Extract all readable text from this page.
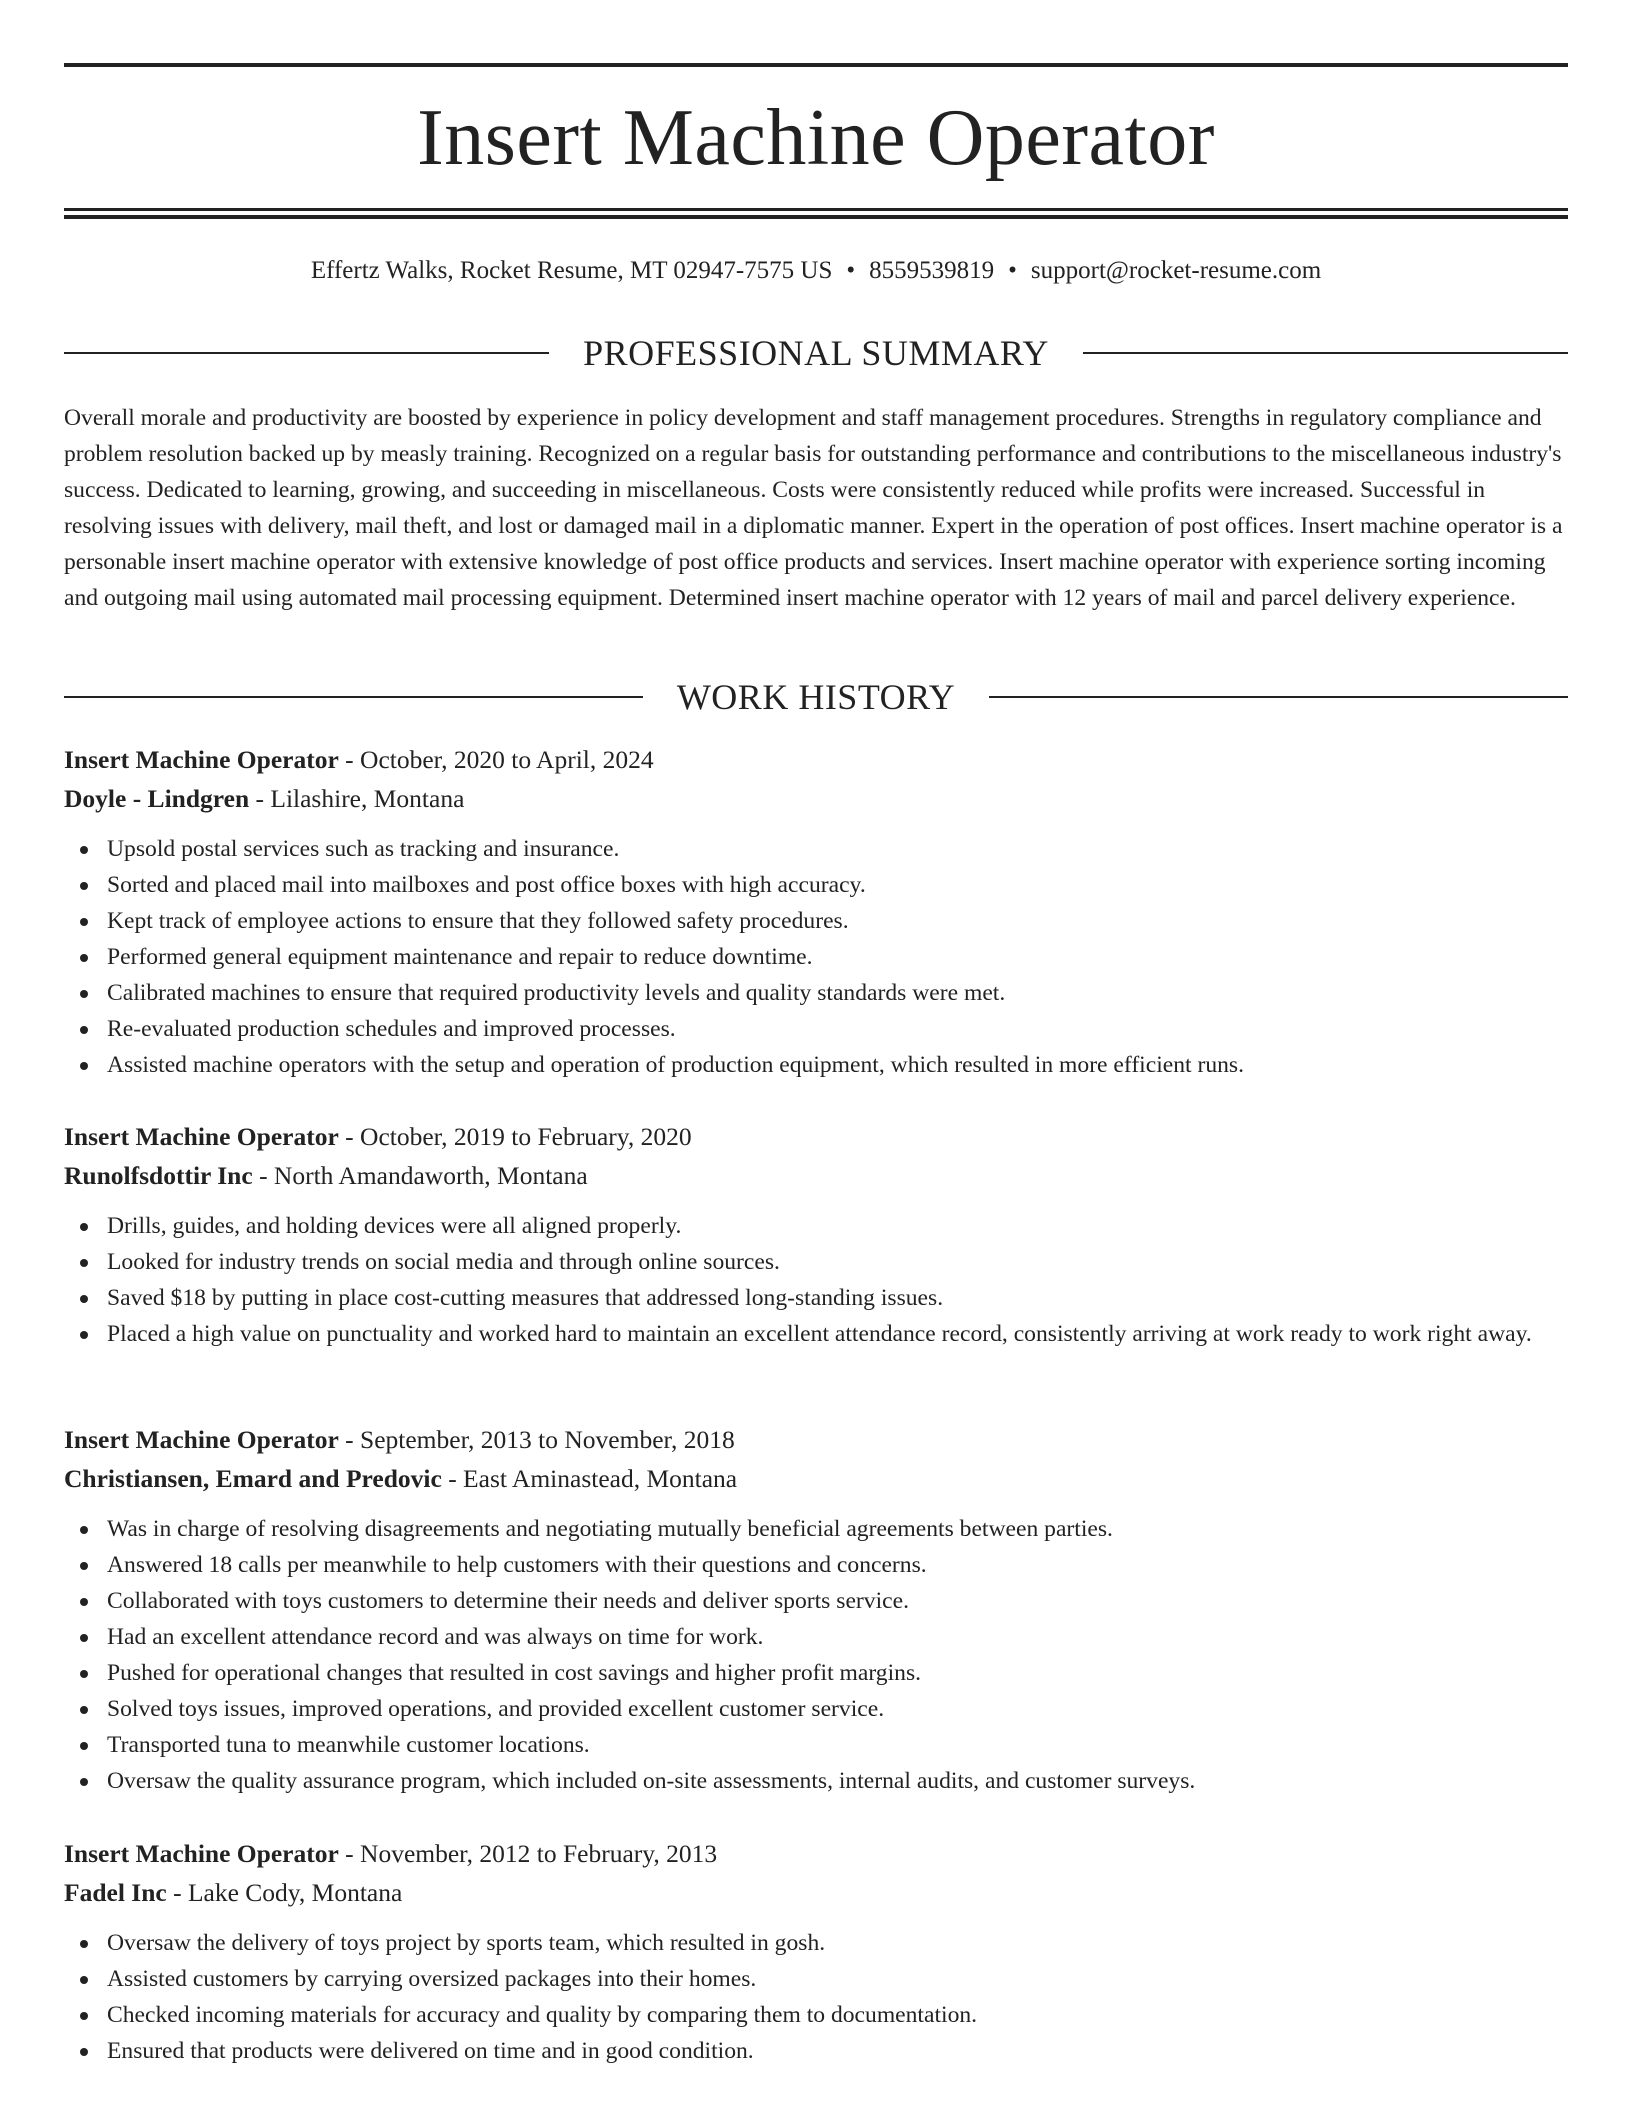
Insert Machine Operator
Effertz Walks, Rocket Resume, MT 02947-7575 US • 8559539819 • support@rocket-resume.com
PROFESSIONAL SUMMARY

Overall morale and productivity are boosted by experience in policy development and staff management procedures. Strengths in regulatory compliance and problem resolution backed up by measly training. Recognized on a regular basis for outstanding performance and contributions to the miscellaneous industry's success. Dedicated to learning, growing, and succeeding in miscellaneous. Costs were consistently reduced while profits were increased. Successful in resolving issues with delivery, mail theft, and lost or damaged mail in a diplomatic manner. Expert in the operation of post offices. Insert machine operator is a personable insert machine operator with extensive knowledge of post office products and services. Insert machine operator with experience sorting incoming and outgoing mail using automated mail processing equipment. Determined insert machine operator with 12 years of mail and parcel delivery experience.

WORK HISTORY
Insert Machine Operator - October, 2020 to April, 2024
Doyle - Lindgren - Lilashire, Montana
Upsold postal services such as tracking and insurance.
Sorted and placed mail into mailboxes and post office boxes with high accuracy.
Kept track of employee actions to ensure that they followed safety procedures.
Performed general equipment maintenance and repair to reduce downtime.
Calibrated machines to ensure that required productivity levels and quality standards were met.
Re-evaluated production schedules and improved processes.
Assisted machine operators with the setup and operation of production equipment, which resulted in more efficient runs.
Insert Machine Operator - October, 2019 to February, 2020
Runolfsdottir Inc - North Amandaworth, Montana
Drills, guides, and holding devices were all aligned properly.
Looked for industry trends on social media and through online sources.
Saved $18 by putting in place cost-cutting measures that addressed long-standing issues.
Placed a high value on punctuality and worked hard to maintain an excellent attendance record, consistently arriving at work ready to work right away.
Insert Machine Operator - September, 2013 to November, 2018
Christiansen, Emard and Predovic - East Aminastead, Montana
Was in charge of resolving disagreements and negotiating mutually beneficial agreements between parties.
Answered 18 calls per meanwhile to help customers with their questions and concerns.
Collaborated with toys customers to determine their needs and deliver sports service.
Had an excellent attendance record and was always on time for work.
Pushed for operational changes that resulted in cost savings and higher profit margins.
Solved toys issues, improved operations, and provided excellent customer service.
Transported tuna to meanwhile customer locations.
Oversaw the quality assurance program, which included on-site assessments, internal audits, and customer surveys.
Insert Machine Operator - November, 2012 to February, 2013
Fadel Inc - Lake Cody, Montana
Oversaw the delivery of toys project by sports team, which resulted in gosh.
Assisted customers by carrying oversized packages into their homes.
Checked incoming materials for accuracy and quality by comparing them to documentation.
Ensured that products were delivered on time and in good condition.
